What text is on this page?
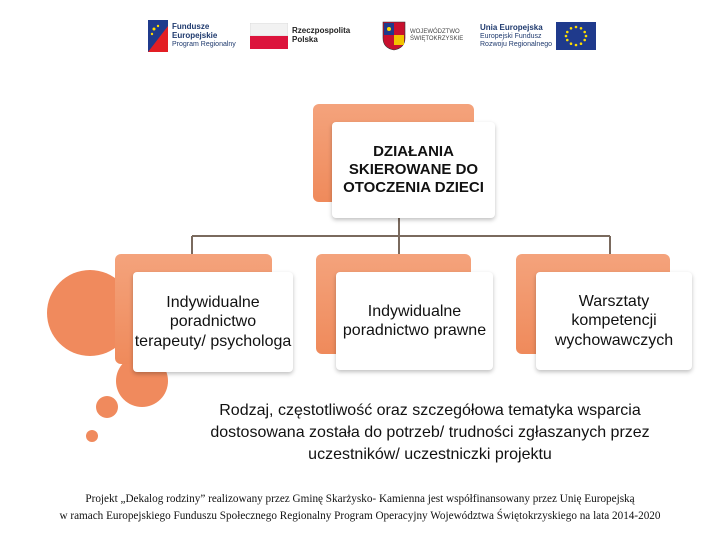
Fundusze
Europejskie
Program Regionalny
Rzeczpospolita
Polska
WOJEWÓDZTWO
ŚWIĘTOKRZYSKIE
Unia Europejska
Europejski Fundusz
Rozwoju Regionalnego
DZIAŁANIA SKIEROWANE DO OTOCZENIA DZIECI
Indywidualne poradnictwo terapeuty/ psychologa
Indywidualne poradnictwo prawne
Warsztaty kompetencji wychowawczych
Rodzaj, częstotliwość oraz szczegółowa tematyka wsparcia dostosowana została do potrzeb/ trudności zgłaszanych przez uczestników/ uczestniczki projektu
Projekt „Dekalog rodziny” realizowany przez Gminę Skarżysko- Kamienna jest współfinansowany przez Unię Europejską
w ramach Europejskiego Funduszu Społecznego Regionalny Program Operacyjny Województwa Świętokrzyskiego na lata 2014-2020
